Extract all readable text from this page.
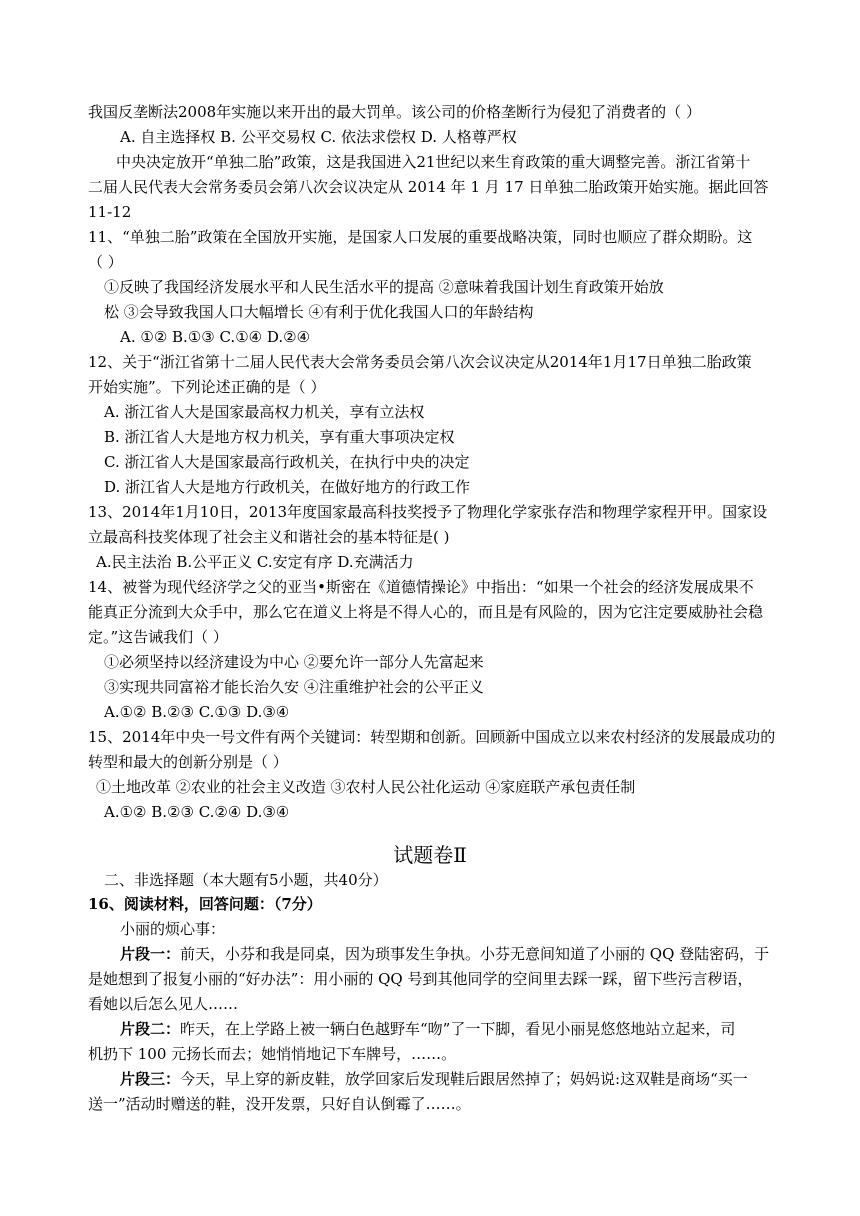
我国反垄断法2008年实施以来开出的最大罚单。该公司的价格垄断行为侵犯了消费者的（ ）
A. 自主选择权 B. 公平交易权 C. 依法求偿权 D. 人格尊严权
中央决定放开“单独二胎”政策，这是我国进入21世纪以来生育政策的重大调整完善。浙江省第十
二届人民代表大会常务委员会第八次会议决定从 2014 年 1 月 17 日单独二胎政策开始实施。据此回答
11-12
11、“单独二胎”政策在全国放开实施，是国家人口发展的重要战略决策，同时也顺应了群众期盼。这
（ ）
①反映了我国经济发展水平和人民生活水平的提高 ②意味着我国计划生育政策开始放
松 ③会导致我国人口大幅增长 ④有利于优化我国人口的年龄结构
A. ①② B.①③ C.①④ D.②④
12、关于“浙江省第十二届人民代表大会常务委员会第八次会议决定从2014年1月17日单独二胎政策
开始实施”。下列论述正确的是（ ）
A. 浙江省人大是国家最高权力机关，享有立法权
B. 浙江省人大是地方权力机关，享有重大事项决定权
C. 浙江省人大是国家最高行政机关，在执行中央的决定
D. 浙江省人大是地方行政机关，在做好地方的行政工作
13、2014年1月10日，2013年度国家最高科技奖授予了物理化学家张存浩和物理学家程开甲。国家设
立最高科技奖体现了社会主义和谐社会的基本特征是( )
A.民主法治 B.公平正义 C.安定有序 D.充满活力
14、被誉为现代经济学之父的亚当•斯密在《道德情操论》中指出：“如果一个社会的经济发展成果不
能真正分流到大众手中，那么它在道义上将是不得人心的，而且是有风险的，因为它注定要威胁社会稳
定。”这告诫我们（ ）
①必须坚持以经济建设为中心 ②要允许一部分人先富起来
③实现共同富裕才能长治久安 ④注重维护社会的公平正义
A.①② B.②③ C.①③ D.③④
15、2014年中央一号文件有两个关键词：转型期和创新。回顾新中国成立以来农村经济的发展最成功的
转型和最大的创新分别是（ ）
①土地改革 ②农业的社会主义改造 ③农村人民公社化运动 ④家庭联产承包责任制
A.①② B.②③ C.②④ D.③④
试题卷Ⅱ
二、非选择题（本大题有5小题，共40分）
16、阅读材料，回答问题：（7分）
小丽的烦心事：
片段一：前天，小芬和我是同桌，因为琐事发生争执。小芬无意间知道了小丽的 QQ 登陆密码，于
是她想到了报复小丽的“好办法”：用小丽的 QQ 号到其他同学的空间里去踩一踩，留下些污言秽语，
看她以后怎么见人……
片段二：昨天，在上学路上被一辆白色越野车“吻”了一下脚，看见小丽晃悠悠地站立起来，司
机扔下 100 元扬长而去；她悄悄地记下车牌号，……。
片段三：今天，早上穿的新皮鞋，放学回家后发现鞋后跟居然掉了；妈妈说:这双鞋是商场“买一
送一”活动时赠送的鞋，没开发票，只好自认倒霉了……。
